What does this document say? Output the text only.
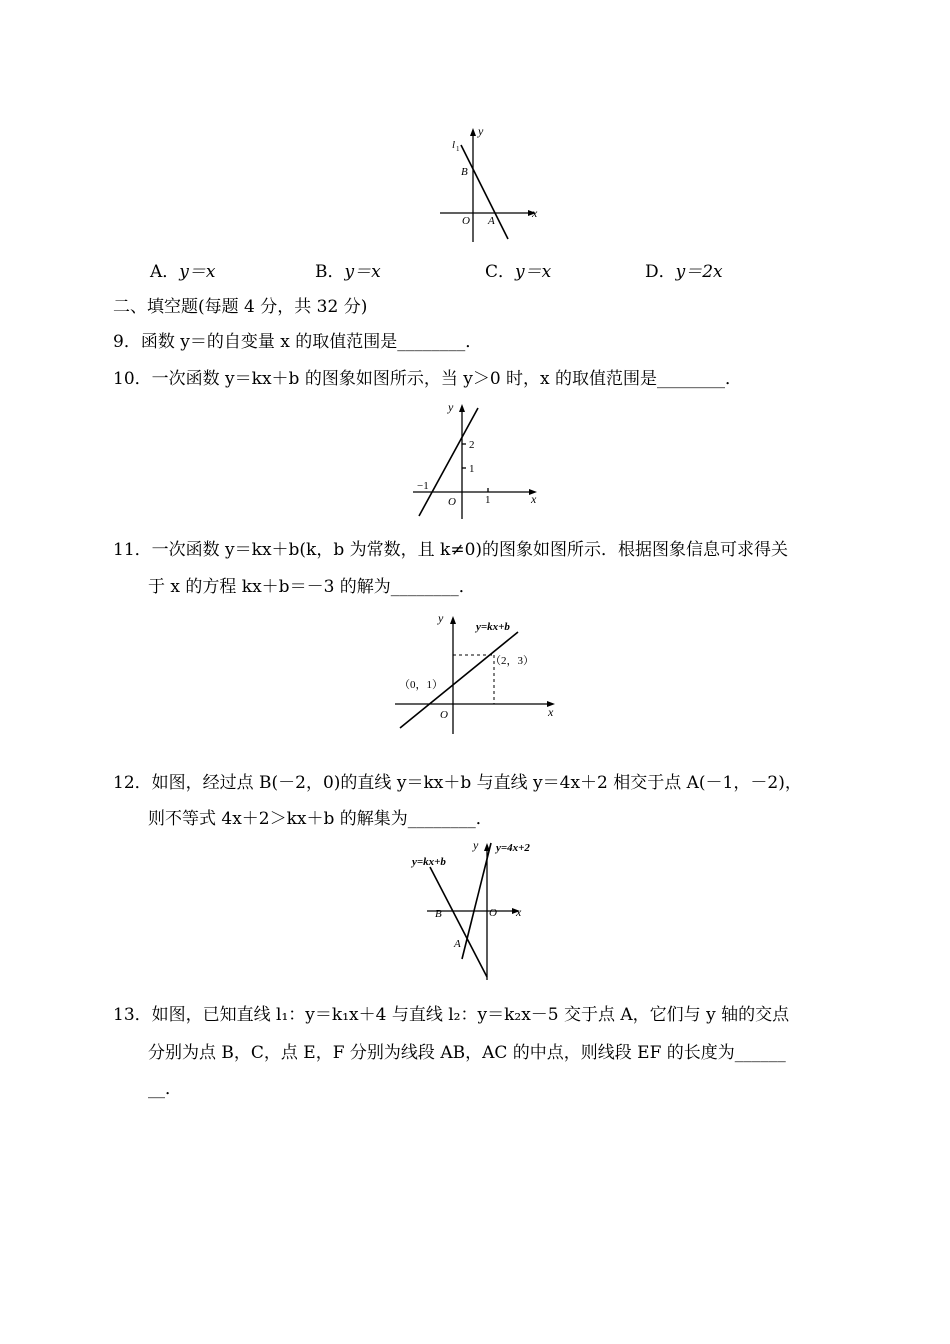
l 1
y
x
B
O A
A．y＝x	B．y＝x	C．y＝x	D．y＝2x
二、填空题(每题 4 分，共 32 分)
9．函数 y＝的自变量 x 的取值范围是________．
10．一次函数 y＝kx＋b 的图象如图所示，当 y＞0 时，x 的取值范围是________．
y
x
2
1
−1
O	1
11．一次函数 y＝kx＋b(k，b 为常数，且 k≠0)的图象如图所示．根据图象信息可求得关
于 x 的方程 kx＋b＝－3 的解为________．
y
x
O
y=kx+b
（2，3）
（0，1）
12．如图，经过点 B(－2，0)的直线 y＝kx＋b 与直线 y＝4x＋2 相交于点 A(－1，－2)，
则不等式 4x＋2＞kx＋b 的解集为________．
y=kx+b
y y=4x+2
B	O x
A
13．如图，已知直线 l₁：y＝k₁x＋4 与直线 l₂：y＝k₂x－5 交于点 A，它们与 y 轴的交点
分别为点 B，C，点 E，F 分别为线段 AB，AC 的中点，则线段 EF 的长度为______
__．
